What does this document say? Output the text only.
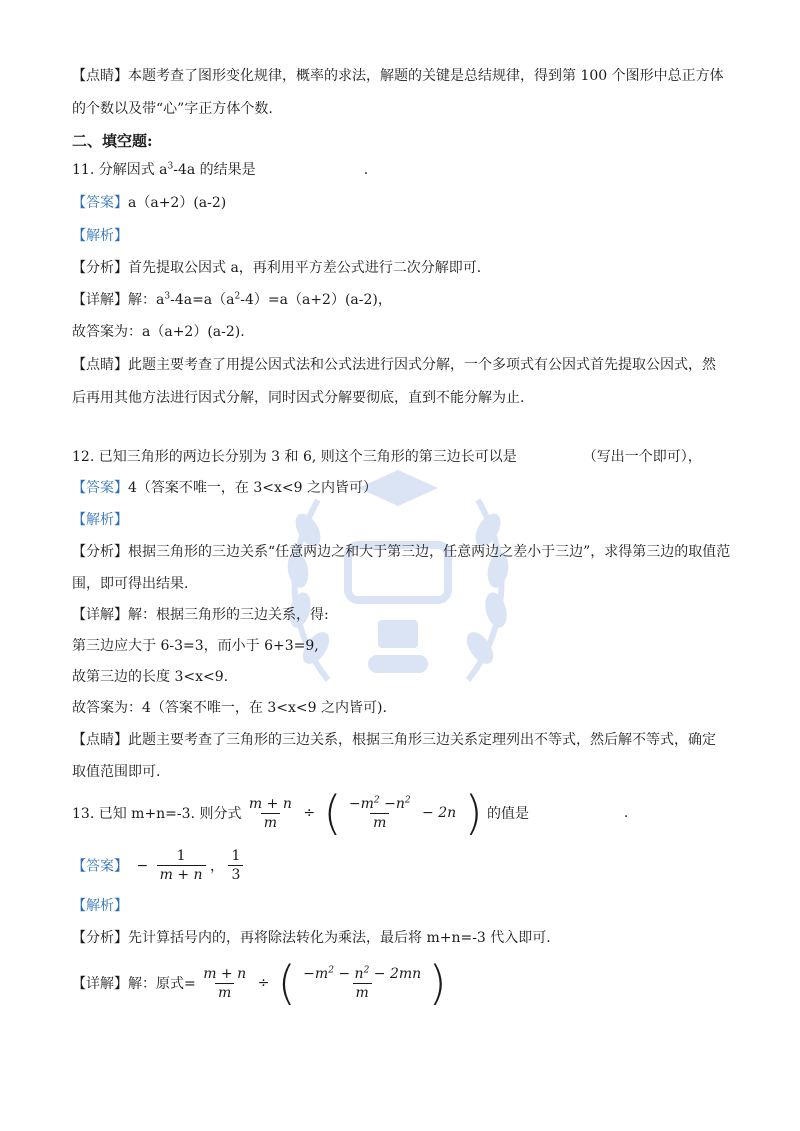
【点睛】本题考查了图形变化规律，概率的求法，解题的关键是总结规律，得到第 100 个图形中总正方体
的个数以及带“心”字正方体个数.
二、填空题:
11. 分解因式 $a^3-4a$ 的结果是	.
【答案】a（a+2）(a-2)
【解析】
【分析】首先提取公因式 a，再利用平方差公式进行二次分解即可.
【详解】解：$a^3-4a=a(a^2-4)=a(a+2)(a-2)$，
故答案为：a（a+2）(a-2).
【点睛】此题主要考查了用提公因式法和公式法进行因式分解，一个多项式有公因式首先提取公因式，然
后再用其他方法进行因式分解，同时因式分解要彻底，直到不能分解为止.
12. 已知三角形的两边长分别为 3 和 6, 则这个三角形的第三边长可以是	（写出一个即可），
【答案】4（答案不唯一，在 3<x<9 之内皆可）
【解析】
【分析】根据三角形的三边关系“任意两边之和大于第三边，任意两边之差小于三边”，求得第三边的取值范
围，即可得出结果.
【详解】解：根据三角形的三边关系，得:
第三边应大于 6-3=3，而小于 6+3=9,
故第三边的长度 3<x<9.
故答案为：4（答案不唯一，在 3<x<9 之内皆可).
【点睛】此题主要考查了三角形的三边关系，根据三角形三边关系定理列出不等式，然后解不等式，确定
取值范围即可.
13. 已知 m+n=-3. 则分式 $\frac{m + n}{m}$ ÷ ( $\frac{-m^2 -n^2}{m} - 2n$ ) 的值是	.
【答案】 − $\frac{1}{m + n}$ ， $\frac{1}{3}$
【解析】
【分析】先计算括号内的，再将除法转化为乘法，最后将 m+n=-3 代入即可.
【详解】解：原式= $\frac{m + n}{m}$ ÷ ( $\frac{-m^2 - n^2 - 2mn}{m}$ )
